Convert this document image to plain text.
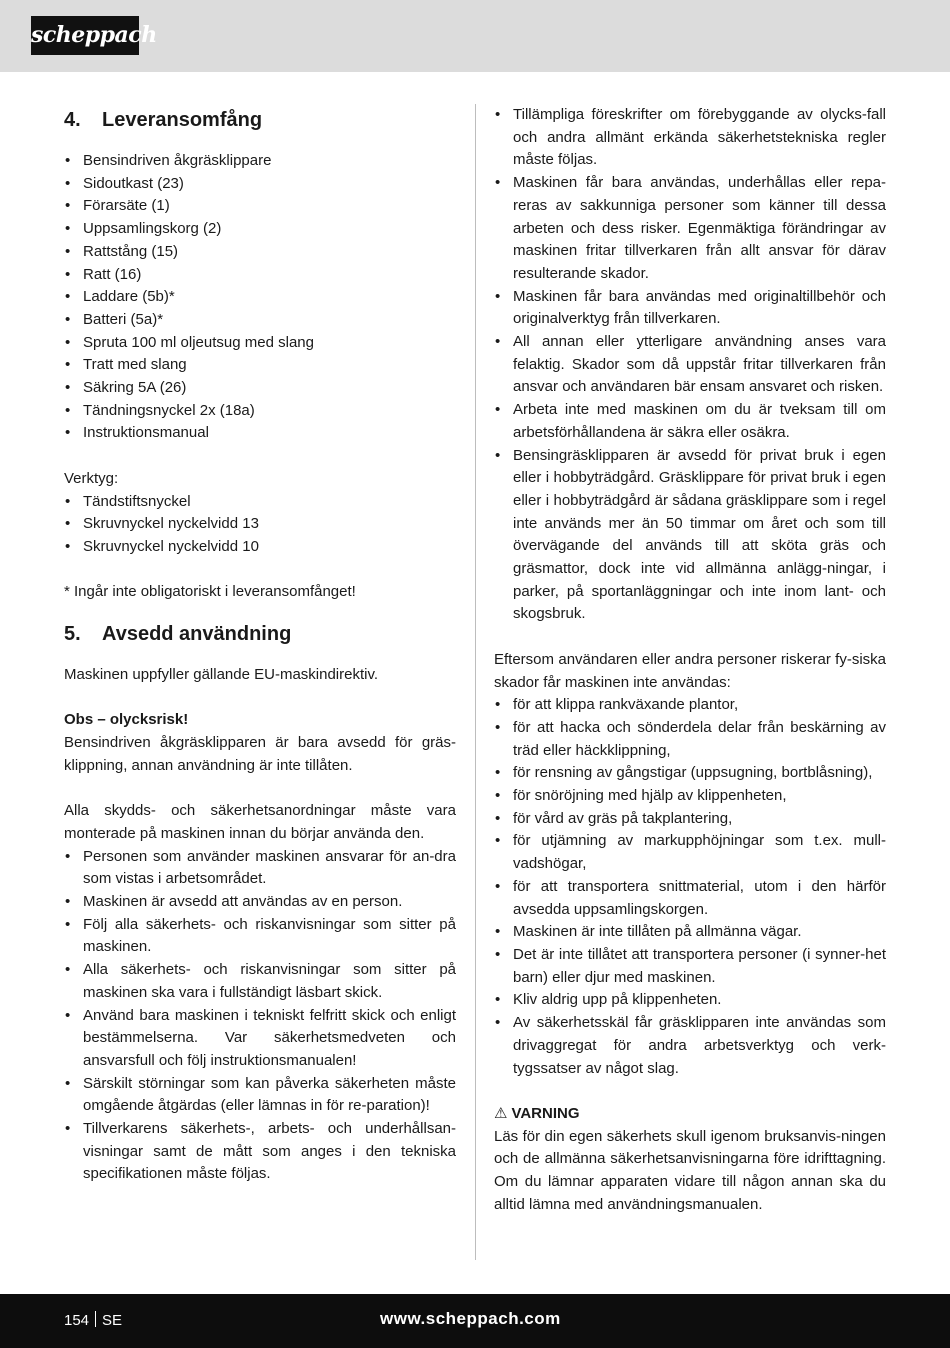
scheppach
4.	Leveransomfång
• Bensindriven åkgräsklippare
• Sidoutkast (23)
• Förarsäte (1)
• Uppsamlingskorg (2)
• Rattstång (15)
• Ratt (16)
• Laddare (5b)*
• Batteri (5a)*
• Spruta 100 ml oljeutsug med slang
• Tratt med slang
• Säkring 5A (26)
• Tändningsnyckel 2x (18a)
• Instruktionsmanual

Verktyg:

• Tändstiftsnyckel
• Skruvnyckel nyckelvidd 13
• Skruvnyckel nyckelvidd 10

* Ingår inte obligatoriskt i leveransomfånget!

5.	Avsedd användning

Maskinen uppfyller gällande EU-maskindirektiv.

Obs – olycksrisk!

Bensindriven åkgräsklipparen är bara avsedd för gräs-klippning, annan användning är inte tillåten.

Alla skydds- och säkerhetsanordningar måste vara monterade på maskinen innan du börjar använda den.

• Personen som använder maskinen ansvarar för an-dra som vistas i arbetsområdet.
• Maskinen är avsedd att användas av en person.
• Följ alla säkerhets- och riskanvisningar som sitter på maskinen.
• Alla säkerhets- och riskanvisningar som sitter på maskinen ska vara i fullständigt läsbart skick.
• Använd bara maskinen i tekniskt felfritt skick och enligt bestämmelserna. Var säkerhetsmedveten och ansvarsfull och följ instruktionsmanualen!
• Särskilt störningar som kan påverka säkerheten måste omgående åtgärdas (eller lämnas in för re-paration)!
• Tillverkarens säkerhets-, arbets- och underhållsan-visningar samt de mått som anges i den tekniska specifikationen måste följas.
• Tillämpliga föreskrifter om förebyggande av olycks-fall och andra allmänt erkända säkerhetstekniska regler måste följas.
• Maskinen får bara användas, underhållas eller repa-reras av sakkunniga personer som känner till dessa arbeten och dess risker. Egenmäktiga förändringar av maskinen fritar tillverkaren från allt ansvar för därav resulterande skador.
• Maskinen får bara användas med originaltillbehör och originalverktyg från tillverkaren.
• All annan eller ytterligare användning anses vara felaktig. Skador som då uppstår fritar tillverkaren från ansvar och användaren bär ensam ansvaret och risken.
• Arbeta inte med maskinen om du är tveksam till om arbetsförhållandena är säkra eller osäkra.
• Bensingräsklipparen är avsedd för privat bruk i egen eller i hobbyträdgård. Gräsklippare för privat bruk i egen eller i hobbyträdgård är sådana gräsklippare som i regel inte används mer än 50 timmar om året och som till övervägande del används till att sköta gräs och gräsmattor, dock inte vid allmänna anlägg-ningar, i parker, på sportanläggningar och inte inom lant- och skogsbruk.

Eftersom användaren eller andra personer riskerar fy-siska skador får maskinen inte användas:

• för att klippa rankväxande plantor,
• för att hacka och sönderdela delar från beskärning av träd eller häckklippning,
• för rensning av gångstigar (uppsugning, bortblåsning),
• för snöröjning med hjälp av klippenheten,
• för vård av gräs på takplantering,
• för utjämning av markupphöjningar som t.ex. mull-vadshögar,
• för att transportera snittmaterial, utom i den härför avsedda uppsamlingskorgen.
• Maskinen är inte tillåten på allmänna vägar.
• Det är inte tillåtet att transportera personer (i synner-het barn) eller djur med maskinen.
• Kliv aldrig upp på klippenheten.
• Av säkerhetsskäl får gräsklipparen inte användas som drivaggregat för andra arbetsverktyg och verk-tygssatser av något slag.

⚠ VARNING

Läs för din egen säkerhets skull igenom bruksanvis-ningen och de allmänna säkerhetsanvisningarna före idrifttagning. Om du lämnar apparaten vidare till någon annan ska du alltid lämna med användningsmanualen.

154 SE	www.scheppach.com
